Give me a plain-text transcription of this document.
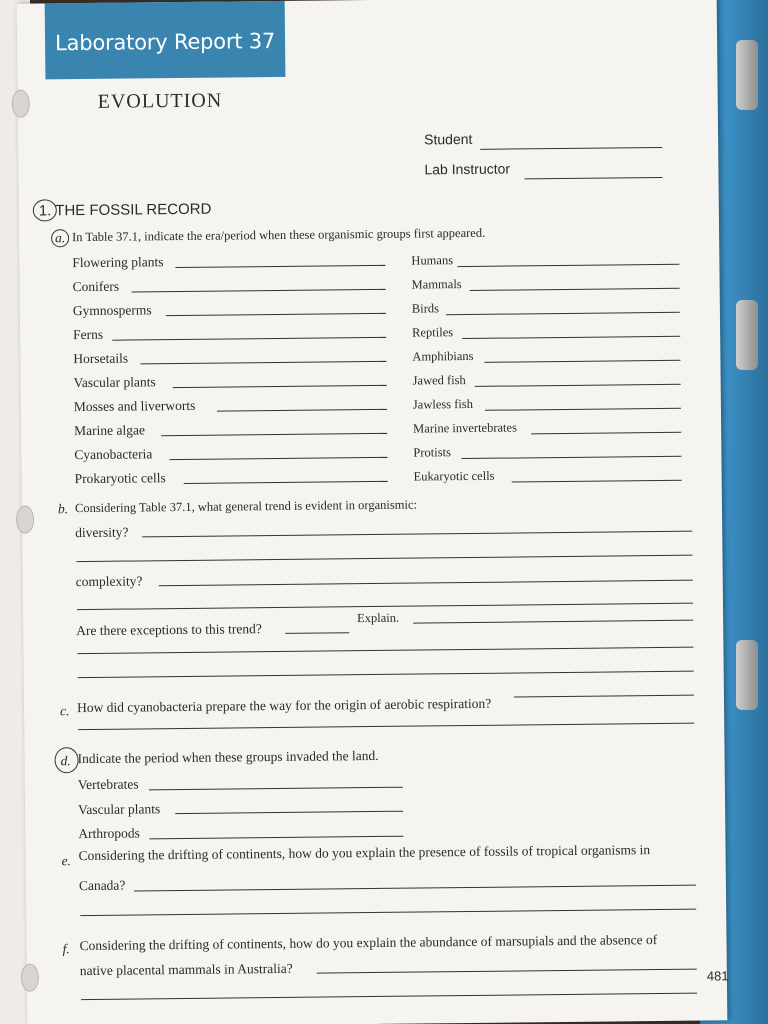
Laboratory Report 37
EVOLUTION
Student
Lab Instructor
1. THE FOSSIL RECORD
a. In Table 37.1, indicate the era/period when these organismic groups first appeared.
b. Considering Table 37.1, what general trend is evident in organismic:
diversity?
complexity?
Are there exceptions to this trend?
Explain.
c. How did cyanobacteria prepare the way for the origin of aerobic respiration?
d. Indicate the period when these groups invaded the land.
Vertebrates
Vascular plants
Arthropods
e. Considering the drifting of continents, how do you explain the presence of fossils of tropical organisms in
Canada?
f. Considering the drifting of continents, how do you explain the abundance of marsupials and the absence of
native placental mammals in Australia?	481
Flowering plants
Conifers
Gymnosperms
Ferns
Horsetails
Vascular plants
Mosses and liverworts
Marine algae
Cyanobacteria
Prokaryotic cells
Humans
Mammals
Birds
Reptiles
Amphibians
Jawed fish
Jawless fish
Marine invertebrates
Protists
Eukaryotic cells
